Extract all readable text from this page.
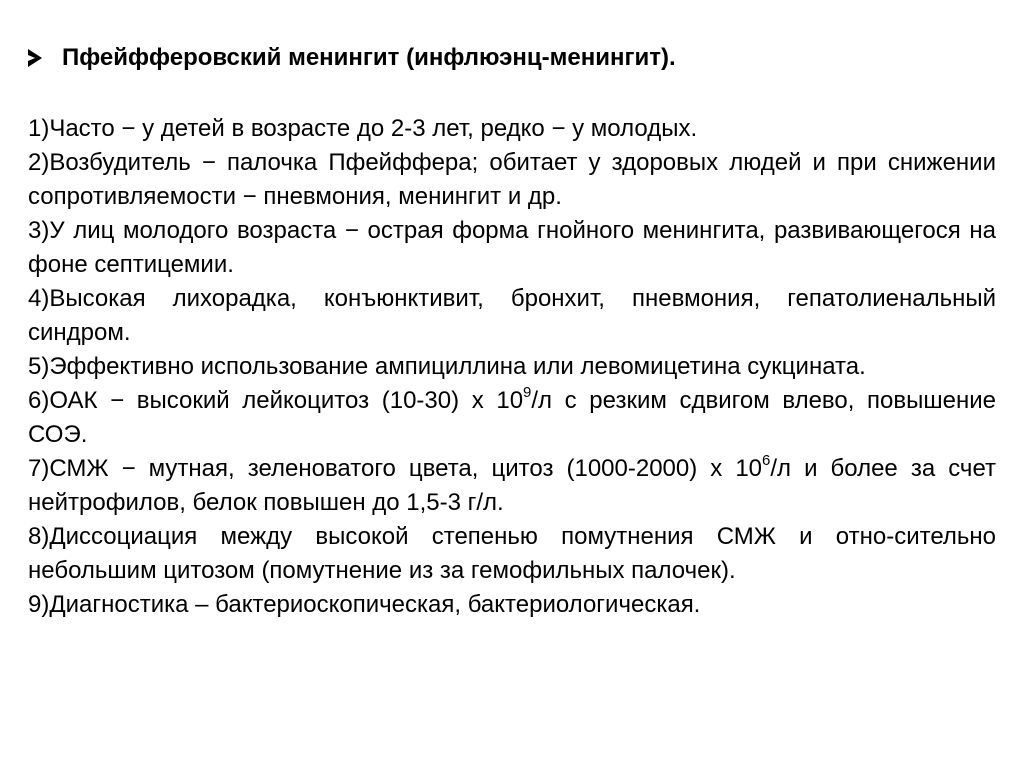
Пфейфферовский менингит (инфлюэнц-менингит).

1)Часто − у детей в возрасте до 2-3 лет, редко − у молодых.

2)Возбудитель − палочка Пфейффера; обитает у здоровых людей и при снижении сопротивляемости − пневмония, менингит и др.

3)У лиц молодого возраста − острая форма гнойного менингита, развивающегося на фоне септицемии.

4)Высокая лихорадка, конъюнктивит, бронхит, пневмония, гепатолиенальный синдром.

5)Эффективно использование ампициллина или левомицетина сукцината.

6)ОАК − высокий лейкоцитоз (10-30) х $10^9/л$ с резким сдвигом влево, повышение СОЭ.

7)СМЖ − мутная, зеленоватого цвета, цитоз (1000-2000) х $10^6/л$ и более за счет нейтрофилов, белок повышен до 1,5-3 г/л.

8)Диссоциация между высокой степенью помутнения СМЖ и отно-сительно небольшим цитозом (помутнение из за гемофильных палочек).

9)Диагностика – бактериоскопическая, бактериологическая.
